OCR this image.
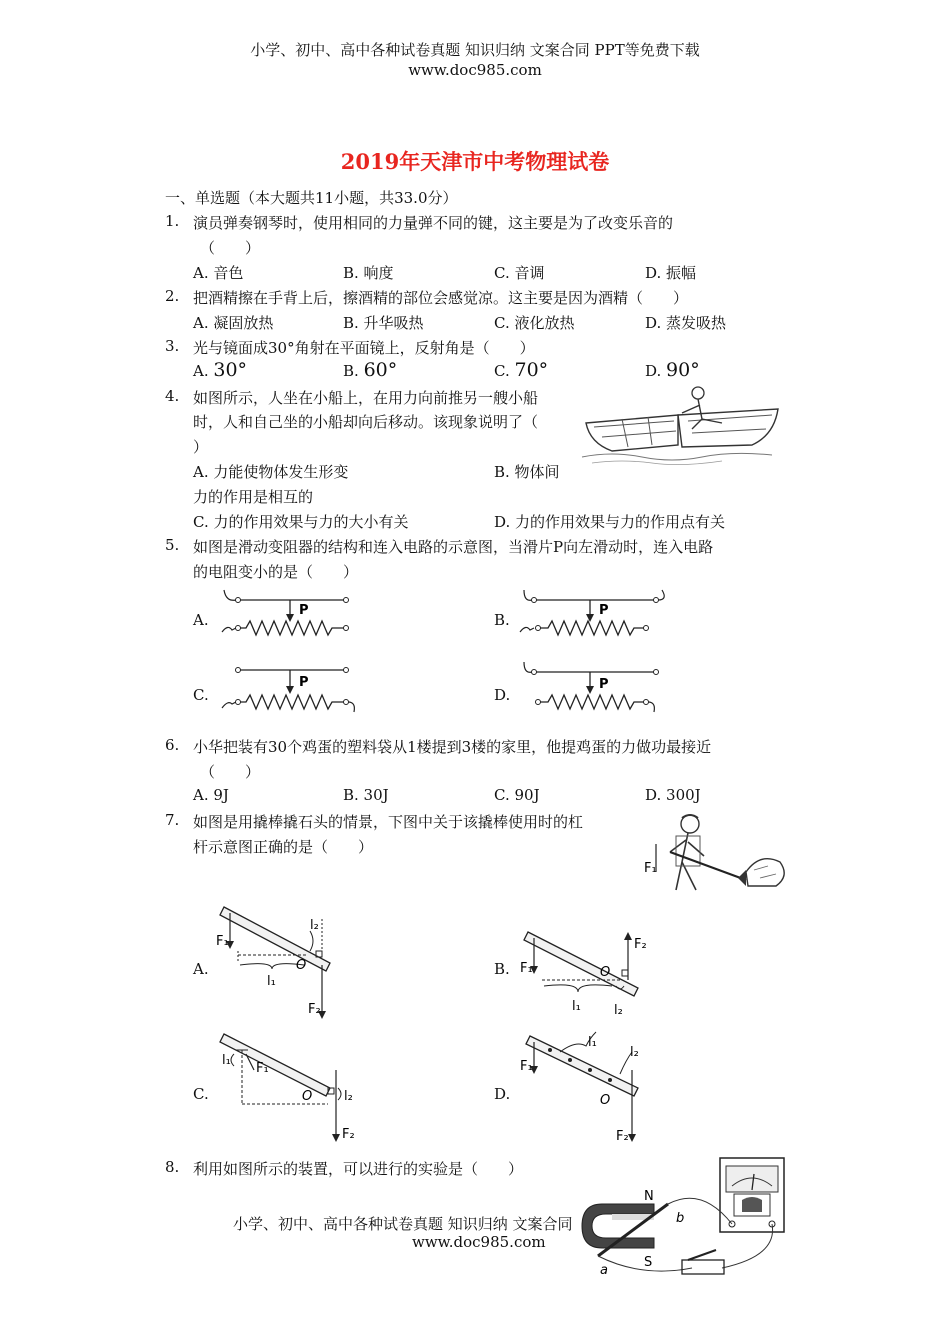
小学、初中、高中各种试卷真题 知识归纳 文案合同 PPT等免费下载
www.doc985.com
2019年天津市中考物理试卷
一、单选题（本大题共11小题，共33.0分）
1. 演员弹奏钢琴时，使用相同的力量弹不同的键，这主要是为了改变乐音的
（　　）
A. 音色	B. 响度	C. 音调	D. 振幅
2. 把酒精擦在手背上后，擦酒精的部位会感觉凉。这主要是因为酒精（　　）
A. 凝固放热	B. 升华吸热	C. 液化放热	D. 蒸发吸热
3. 光与镜面成30°角射在平面镜上，反射角是（　　）
A. 30°	B. 60°	C. 70°	D. 90°
4. 如图所示，人坐在小船上，在用力向前推另一艘小船
时，人和自己坐的小船却向后移动。该现象说明了（
）
A. 力能使物体发生形变	B. 物体间
力的作用是相互的
C. 力的作用效果与力的大小有关	D. 力的作用效果与力的作用点有关
5. 如图是滑动变阻器的结构和连入电路的示意图，当滑片P向左滑动时，连入电路
的电阻变小的是（　　）
A.	B.
C.	D.
P	P
P	P
6. 小华把装有30个鸡蛋的塑料袋从1楼提到3楼的家里，他提鸡蛋的力做功最接近
（　　）
A. 9J	B. 30J	C. 90J	D. 300J
7. 如图是用撬棒撬石头的情景，下图中关于该撬棒使用时的杠
杆示意图正确的是（　　）
F₁
A.	B.
C.	D.
F₁
l₁
O
F₂
l₂
F₁
l₁
O
F₂
l₂
l₁
F₁
O
F₂
l₂
F₁
l₁
O
F₂
l₂
8. 利用如图所示的装置，可以进行的实验是（　　）
N
S
a
b
小学、初中、高中各种试卷真题 知识归纳 文案合同
www.doc985.com
